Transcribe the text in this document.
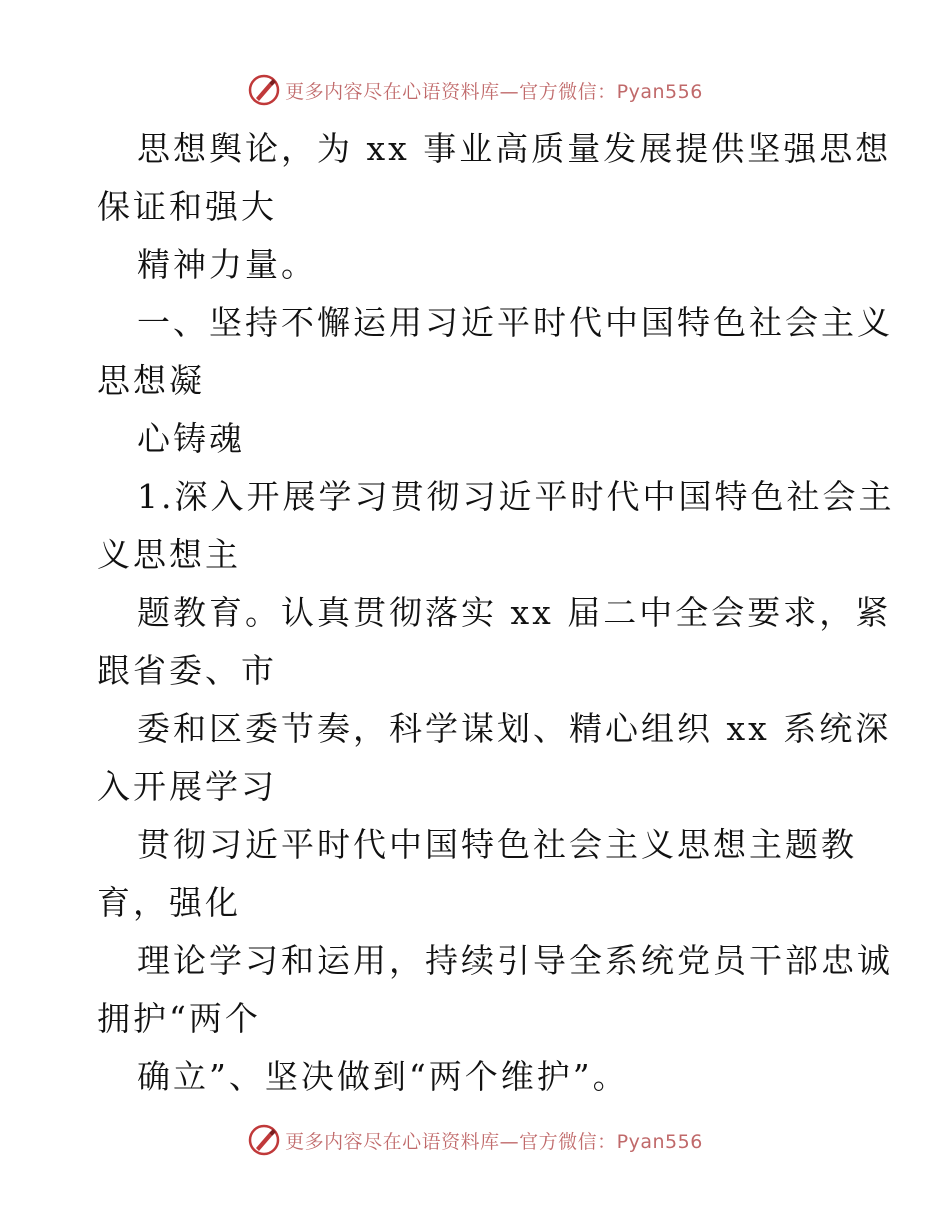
更多内容尽在心语资料库—官方微信：Pyan556

思想舆论，为 xx 事业高质量发展提供坚强思想

保证和强大

精神力量。

一、坚持不懈运用习近平时代中国特色社会主义

思想凝

心铸魂

1.深入开展学习贯彻习近平时代中国特色社会主

义思想主

题教育。认真贯彻落实 xx 届二中全会要求，紧

跟省委、市

委和区委节奏，科学谋划、精心组织 xx 系统深

入开展学习

贯彻习近平时代中国特色社会主义思想主题教

育，强化

理论学习和运用，持续引导全系统党员干部忠诚

拥护“两个

确立”、坚决做到“两个维护”。

更多内容尽在心语资料库—官方微信：Pyan556
